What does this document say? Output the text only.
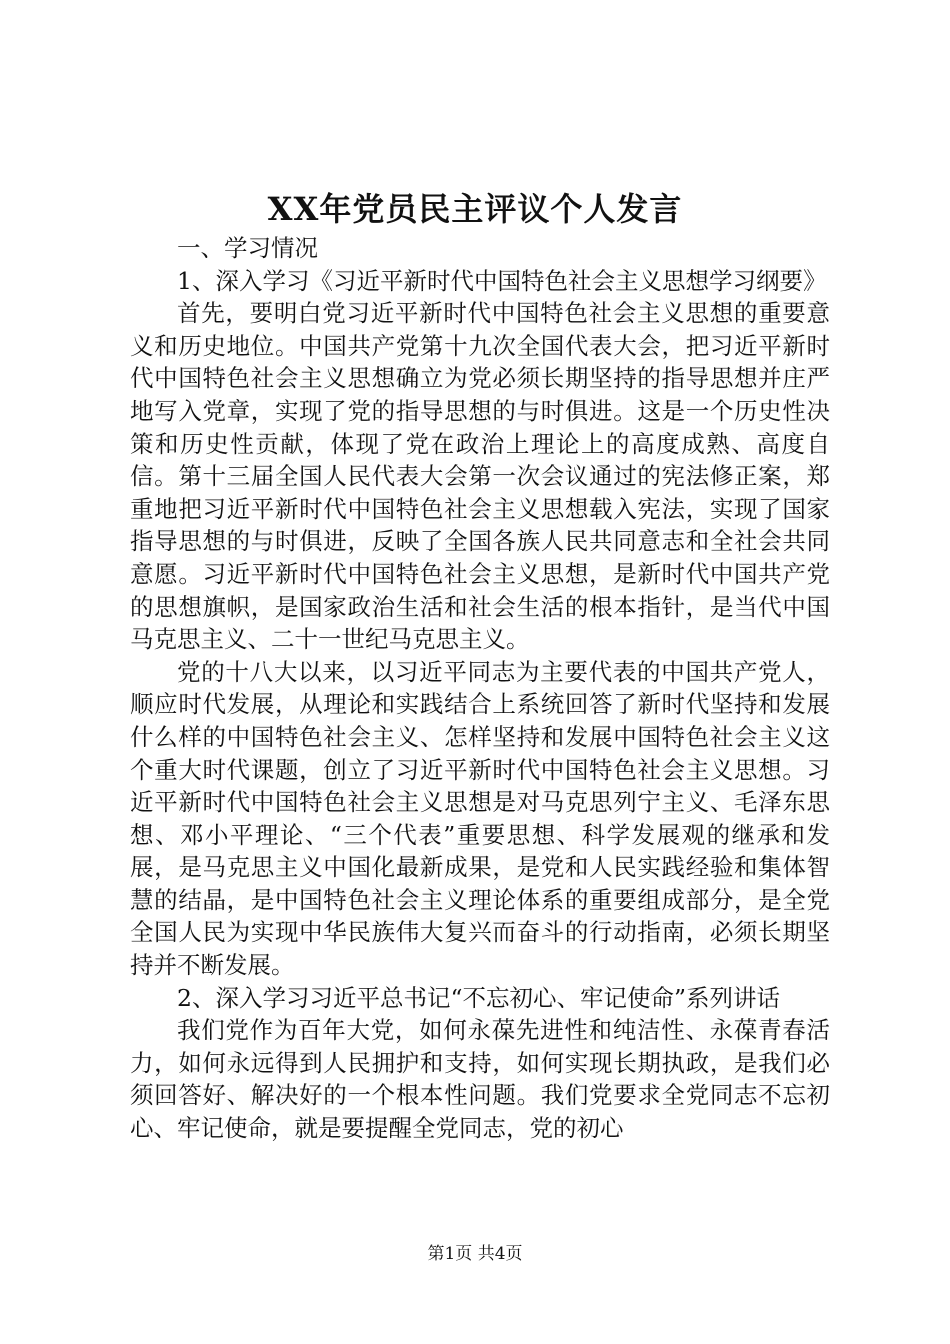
XX年党员民主评议个人发言

一、学习情况

1、深入学习《习近平新时代中国特色社会主义思想学习纲要》

首先，要明白党习近平新时代中国特色社会主义思想的重要意义和历史地位。中国共产党第十九次全国代表大会，把习近平新时代中国特色社会主义思想确立为党必须长期坚持的指导思想并庄严地写入党章，实现了党的指导思想的与时俱进。这是一个历史性决策和历史性贡献，体现了党在政治上理论上的高度成熟、高度自信。第十三届全国人民代表大会第一次会议通过的宪法修正案，郑重地把习近平新时代中国特色社会主义思想载入宪法，实现了国家指导思想的与时俱进，反映了全国各族人民共同意志和全社会共同意愿。习近平新时代中国特色社会主义思想，是新时代中国共产党的思想旗帜，是国家政治生活和社会生活的根本指针，是当代中国马克思主义、二十一世纪马克思主义。

党的十八大以来，以习近平同志为主要代表的中国共产党人，顺应时代发展，从理论和实践结合上系统回答了新时代坚持和发展什么样的中国特色社会主义、怎样坚持和发展中国特色社会主义这个重大时代课题，创立了习近平新时代中国特色社会主义思想。习近平新时代中国特色社会主义思想是对马克思列宁主义、毛泽东思想、邓小平理论、“三个代表”重要思想、科学发展观的继承和发展，是马克思主义中国化最新成果，是党和人民实践经验和集体智慧的结晶，是中国特色社会主义理论体系的重要组成部分，是全党全国人民为实现中华民族伟大复兴而奋斗的行动指南，必须长期坚持并不断发展。

2、深入学习习近平总书记“不忘初心、牢记使命”系列讲话

我们党作为百年大党，如何永葆先进性和纯洁性、永葆青春活力，如何永远得到人民拥护和支持，如何实现长期执政，是我们必须回答好、解决好的一个根本性问题。我们党要求全党同志不忘初心、牢记使命，就是要提醒全党同志，党的初心

第1页 共4页
